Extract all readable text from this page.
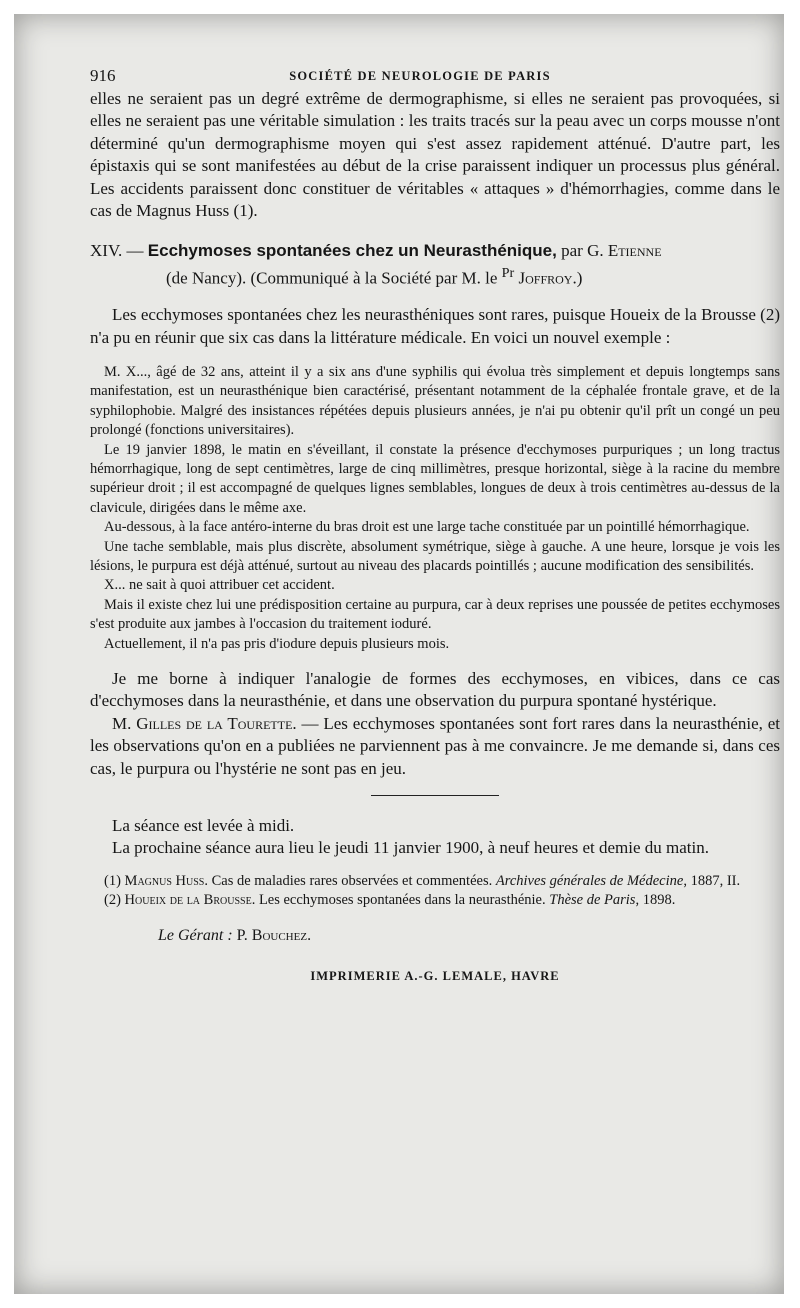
916	SOCIÉTÉ DE NEUROLOGIE DE PARIS

elles ne seraient pas un degré extrême de dermographisme, si elles ne seraient pas provoquées, si elles ne seraient pas une véritable simulation : les traits tracés sur la peau avec un corps mousse n'ont déterminé qu'un dermographisme moyen qui s'est assez rapidement atténué. D'autre part, les épistaxis qui se sont manifestées au début de la crise paraissent indiquer un processus plus général. Les accidents paraissent donc constituer de véritables « attaques » d'hémorrhagies, comme dans le cas de Magnus Huss (1).

XIV. — Ecchymoses spontanées chez un Neurasthénique, par G. Etienne
(de Nancy). (Communiqué à la Société par M. le $^{Pr}$ Joffroy.)

Les ecchymoses spontanées chez les neurasthéniques sont rares, puisque Houeix de la Brousse (2) n'a pu en réunir que six cas dans la littérature médicale. En voici un nouvel exemple :

M. X..., âgé de 32 ans, atteint il y a six ans d'une syphilis qui évolua très simplement et depuis longtemps sans manifestation, est un neurasthénique bien caractérisé, présentant notamment de la céphalée frontale grave, et de la syphilophobie. Malgré des insistances répétées depuis plusieurs années, je n'ai pu obtenir qu'il prît un congé un peu prolongé (fonctions universitaires).

Le 19 janvier 1898, le matin en s'éveillant, il constate la présence d'ecchymoses purpuriques ; un long tractus hémorrhagique, long de sept centimètres, large de cinq millimètres, presque horizontal, siège à la racine du membre supérieur droit ; il est accompagné de quelques lignes semblables, longues de deux à trois centimètres au-dessus de la clavicule, dirigées dans le même axe.

Au-dessous, à la face antéro-interne du bras droit est une large tache constituée par un pointillé hémorrhagique.

Une tache semblable, mais plus discrète, absolument symétrique, siège à gauche. A une heure, lorsque je vois les lésions, le purpura est déjà atténué, surtout au niveau des placards pointillés ; aucune modification des sensibilités.

X... ne sait à quoi attribuer cet accident.

Mais il existe chez lui une prédisposition certaine au purpura, car à deux reprises une poussée de petites ecchymoses s'est produite aux jambes à l'occasion du traitement ioduré.

Actuellement, il n'a pas pris d'iodure depuis plusieurs mois.

Je me borne à indiquer l'analogie de formes des ecchymoses, en vibices, dans ce cas d'ecchymoses dans la neurasthénie, et dans une observation du purpura spontané hystérique.

M. Gilles de la Tourette. — Les ecchymoses spontanées sont fort rares dans la neurasthénie, et les observations qu'on en a publiées ne parviennent pas à me convaincre. Je me demande si, dans ces cas, le purpura ou l'hystérie ne sont pas en jeu.

La séance est levée à midi.

La prochaine séance aura lieu le jeudi 11 janvier 1900, à neuf heures et demie du matin.

(1) Magnus Huss. Cas de maladies rares observées et commentées. Archives générales de Médecine, 1887, II.

(2) Houeix de la Brousse. Les ecchymoses spontanées dans la neurasthénie. Thèse de Paris, 1898.

Le Gérant : P. Bouchez.
IMPRIMERIE A.-G. LEMALE, HAVRE
